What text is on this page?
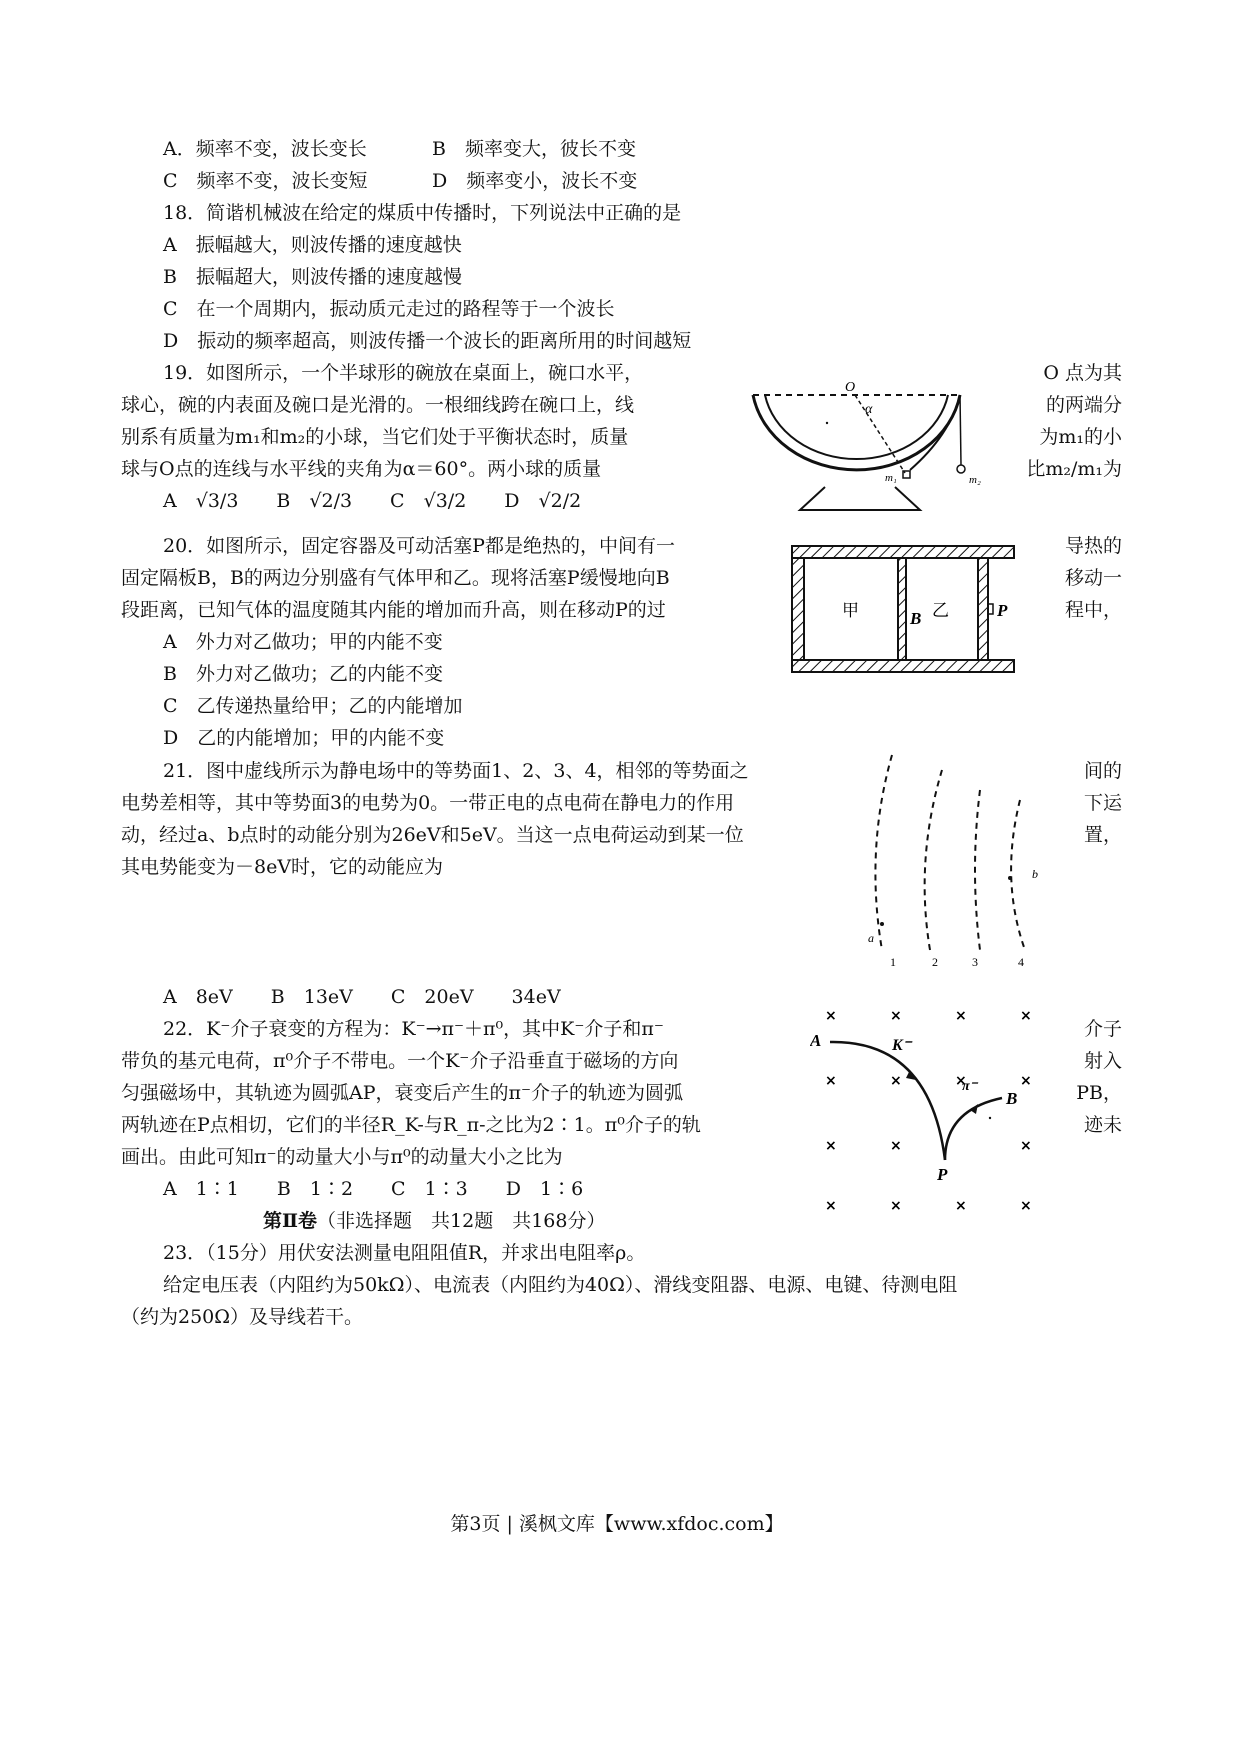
A．频率不变，波长变长	B　频率变大，彼长不变
C　频率不变，波长变短	D　频率变小，波长不变
18．简谐机械波在给定的煤质中传播时，下列说法中正确的是
A　振幅越大，则波传播的速度越快
B　振幅超大，则波传播的速度越慢
C　在一个周期内，振动质元走过的路程等于一个波长
D　振动的频率超高，则波传播一个波长的距离所用的时间越短
19．如图所示，一个半球形的碗放在桌面上，碗口水平，	O 点为其
球心，碗的内表面及碗口是光滑的。一根细线跨在碗口上，线	的两端分
别系有质量为m₁和m₂的小球，当它们处于平衡状态时，质量	为m₁的小
球与O点的连线与水平线的夹角为α＝60°。两小球的质量	比m₂/m₁为
A　√3/3　　B　√2/3　　C　√3/2　　D　√2/2
O
α
m₁	m₂
20．如图所示，固定容器及可动活塞P都是绝热的，中间有一	导热的
固定隔板B，B的两边分别盛有气体甲和乙。现将活塞P缓慢地向B	移动一
段距离，已知气体的温度随其内能的增加而升高，则在移动P的过	程中，
A　外力对乙做功；甲的内能不变
B　外力对乙做功；乙的内能不变
C　乙传递热量给甲；乙的内能增加
D　乙的内能增加；甲的内能不变
甲	B 乙	P
21．图中虚线所示为静电场中的等势面1、2、3、4，相邻的等势面之	间的
电势差相等，其中等势面3的电势为0。一带正电的点电荷在静电力的作用	下运
动，经过a、b点时的动能分别为26eV和5eV。当这一点电荷运动到某一位	置，
其电势能变为－8eV时，它的动能应为
A　8eV　　B　13eV　　C　20eV　　34eV
a
b
1	2	3	4
22．K⁻介子衰变的方程为：K⁻→π⁻＋π⁰，其中K⁻介子和π⁻	介子
带负的基元电荷，π⁰介子不带电。一个K⁻介子沿垂直于磁场的方向	射入
匀强磁场中，其轨迹为圆弧AP，衰变后产生的π⁻介子的轨迹为圆弧	PB，
两轨迹在P点相切，它们的半径R_K-与R_π-之比为2∶1。π⁰介子的轨	迹未
画出。由此可知π⁻的动量大小与π⁰的动量大小之比为
A　1∶1　　B　1∶2　　C　1∶3　　D　1∶6
×	×	×	×
×	×	×	×
×	×	×
×	×	×	×
A	K⁻
π⁻
B
P
第Ⅱ卷（非选择题　共12题　共168分）
23．（15分）用伏安法测量电阻阻值R，并求出电阻率ρ。
给定电压表（内阻约为50kΩ）、电流表（内阻约为40Ω）、滑线变阻器、电源、电键、待测电阻
（约为250Ω）及导线若干。
第3页 | 溪枫文库【www.xfdoc.com】
